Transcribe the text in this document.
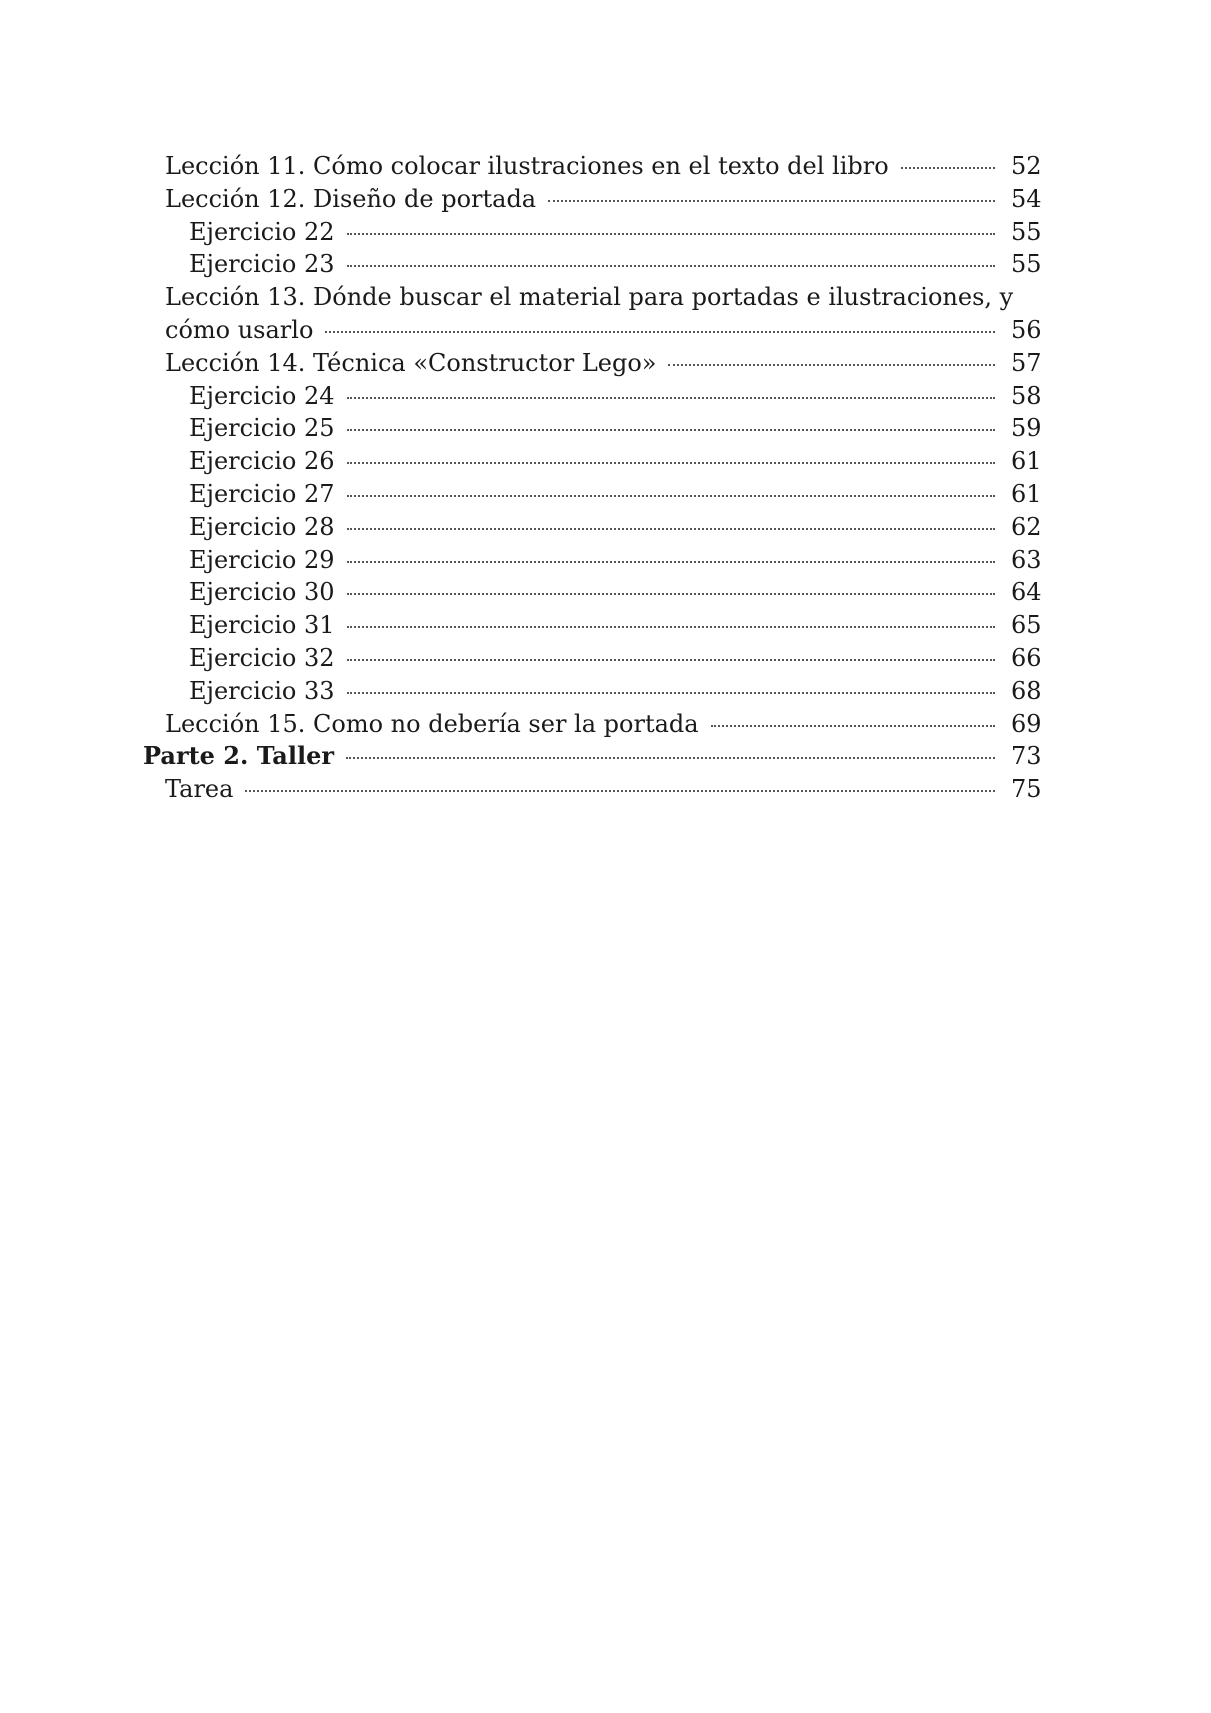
Lección 11. Cómo colocar ilustraciones en el texto del libro	52
Lección 12. Diseño de portada	54
Ejercicio 22	55
Ejercicio 23	55
Lección 13. Dónde buscar el material para portadas e ilustraciones, y
cómo usarlo	56
Lección 14. Técnica «Constructor Lego»	57
Ejercicio 24	58
Ejercicio 25	59
Ejercicio 26	61
Ejercicio 27	61
Ejercicio 28	62
Ejercicio 29	63
Ejercicio 30	64
Ejercicio 31	65
Ejercicio 32	66
Ejercicio 33	68
Lección 15. Como no debería ser la portada	69
Parte 2. Taller	73
Tarea	75
